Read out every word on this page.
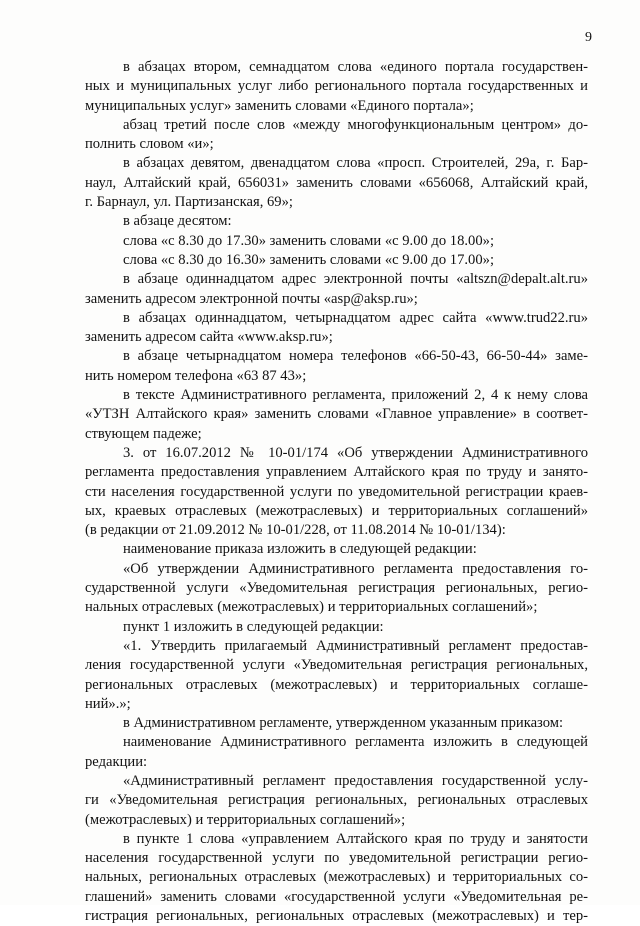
9
в абзацах втором, семнадцатом слова «единого портала государствен-
ных и муниципальных услуг либо регионального портала государственных и
муниципальных услуг» заменить словами «Единого портала»;
абзац третий после слов «между многофункциональным центром» до-
полнить словом «и»;
в абзацах девятом, двенадцатом слова «просп. Строителей, 29а, г. Бар-
наул, Алтайский край, 656031» заменить словами «656068, Алтайский край,
г. Барнаул, ул. Партизанская, 69»;
в абзаце десятом:
слова «с 8.30 до 17.30» заменить словами «с 9.00 до 18.00»;
слова «с 8.30 до 16.30» заменить словами «с 9.00 до 17.00»;
в абзаце одиннадцатом адрес электронной почты «altszn@depalt.alt.ru»
заменить адресом электронной почты «asp@aksp.ru»;
в абзацах одиннадцатом, четырнадцатом адрес сайта «www.trud22.ru»
заменить адресом сайта «www.aksp.ru»;
в абзаце четырнадцатом номера телефонов «66-50-43, 66-50-44» заме-
нить номером телефона «63 87 43»;
в тексте Административного регламента, приложений 2, 4 к нему слова
«УТЗН Алтайского края» заменить словами «Главное управление» в соответ-
ствующем падеже;
3. от 16.07.2012 № 10-01/174 «Об утверждении Административного
регламента предоставления управлением Алтайского края по труду и занято-
сти населения государственной услуги по уведомительной регистрации краев-
ых, краевых отраслевых (межотраслевых) и территориальных соглашений»
(в редакции от 21.09.2012 № 10-01/228, от 11.08.2014 № 10-01/134):
наименование приказа изложить в следующей редакции:
«Об утверждении Административного регламента предоставления го-
сударственной услуги «Уведомительная регистрация региональных, регио-
нальных отраслевых (межотраслевых) и территориальных соглашений»;
пункт 1 изложить в следующей редакции:
«1. Утвердить прилагаемый Административный регламент предостав-
ления государственной услуги «Уведомительная регистрация региональных,
региональных отраслевых (межотраслевых) и территориальных соглаше-
ний».»;
в Административном регламенте, утвержденном указанным приказом:
наименование Административного регламента изложить в следующей
редакции:
«Административный регламент предоставления государственной услу-
ги «Уведомительная регистрация региональных, региональных отраслевых
(межотраслевых) и территориальных соглашений»;
в пункте 1 слова «управлением Алтайского края по труду и занятости
населения государственной услуги по уведомительной регистрации регио-
нальных, региональных отраслевых (межотраслевых) и территориальных со-
глашений» заменить словами «государственной услуги «Уведомительная ре-
гистрация региональных, региональных отраслевых (межотраслевых) и тер-
